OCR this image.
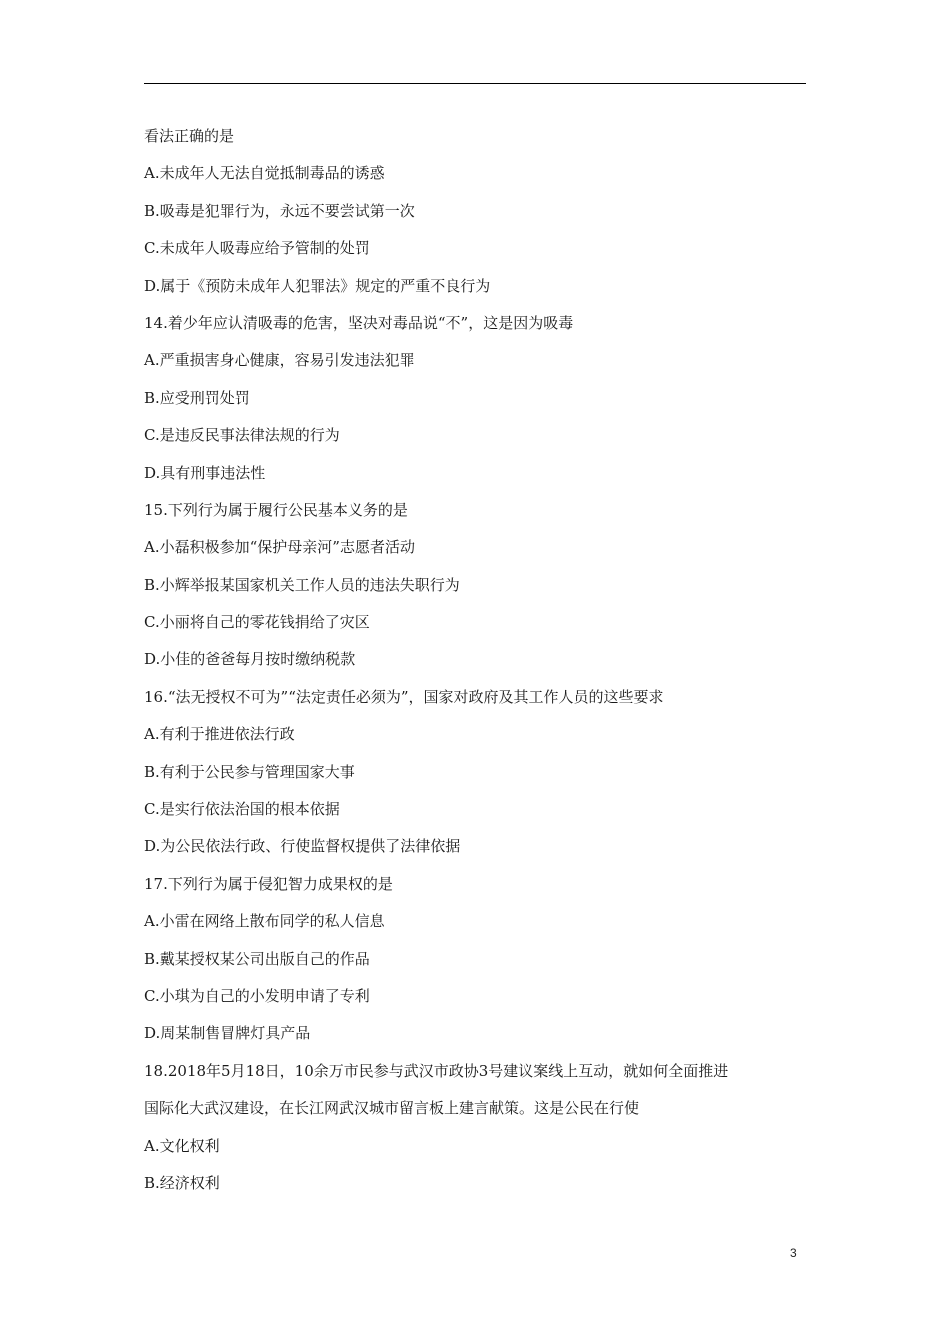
看法正确的是
A.未成年人无法自觉抵制毒品的诱惑
B.吸毒是犯罪行为，永远不要尝试第一次
C.未成年人吸毒应给予管制的处罚
D.属于《预防未成年人犯罪法》规定的严重不良行为
14.着少年应认清吸毒的危害，坚决对毒品说“不”，这是因为吸毒
A.严重损害身心健康，容易引发违法犯罪
B.应受刑罚处罚
C.是违反民事法律法规的行为
D.具有刑事违法性
15.下列行为属于履行公民基本义务的是
A.小磊积极参加“保护母亲河”志愿者活动
B.小辉举报某国家机关工作人员的违法失职行为
C.小丽将自己的零花钱捐给了灾区
D.小佳的爸爸每月按时缴纳税款
16.“法无授权不可为”“法定责任必须为”，国家对政府及其工作人员的这些要求
A.有利于推进依法行政
B.有利于公民参与管理国家大事
C.是实行依法治国的根本依据
D.为公民依法行政、行使监督权提供了法律依据
17.下列行为属于侵犯智力成果权的是
A.小雷在网络上散布同学的私人信息
B.戴某授权某公司出版自己的作品
C.小琪为自己的小发明申请了专利
D.周某制售冒牌灯具产品
18.2018年5月18日，10余万市民参与武汉市政协3号建议案线上互动，就如何全面推进
国际化大武汉建设，在长江网武汉城市留言板上建言献策。这是公民在行使
A.文化权利
B.经济权利
3
